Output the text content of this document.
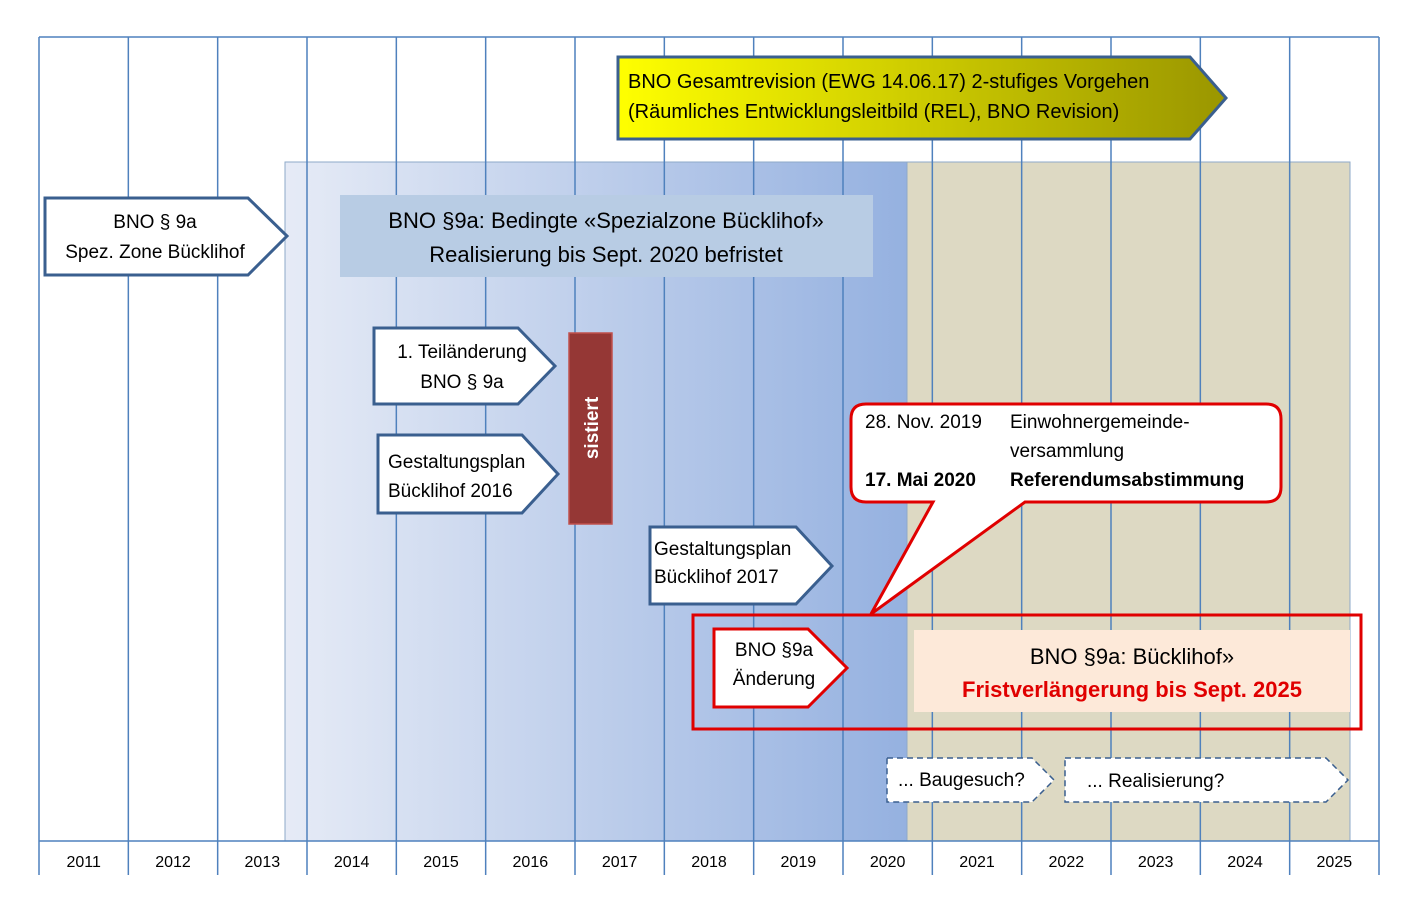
2011	2012	2013	2014	2015	2016	2017	2018	2019	2020	2021	2022	2023	2024	2025
BNO Gesamtrevision (EWG 14.06.17) 2-stufiges Vorgehen
(Räumliches Entwicklungsleitbild (REL), BNO Revision)
BNO § 9a
Spez. Zone Bücklihof
BNO §9a: Bedingte «Spezialzone Bücklihof»
Realisierung bis Sept. 2020 befristet
1. Teiländerung
BNO § 9a
Gestaltungsplan
Bücklihof 2016
sistiert
Gestaltungsplan
Bücklihof 2017
28. Nov. 2019 Einwohnergemeinde-
versammlung
17. Mai 2020 Referendumsabstimmung
BNO §9a
Änderung
BNO §9a: Bücklihof»
Fristverlängerung bis Sept. 2025
... Baugesuch?	... Realisierung?
